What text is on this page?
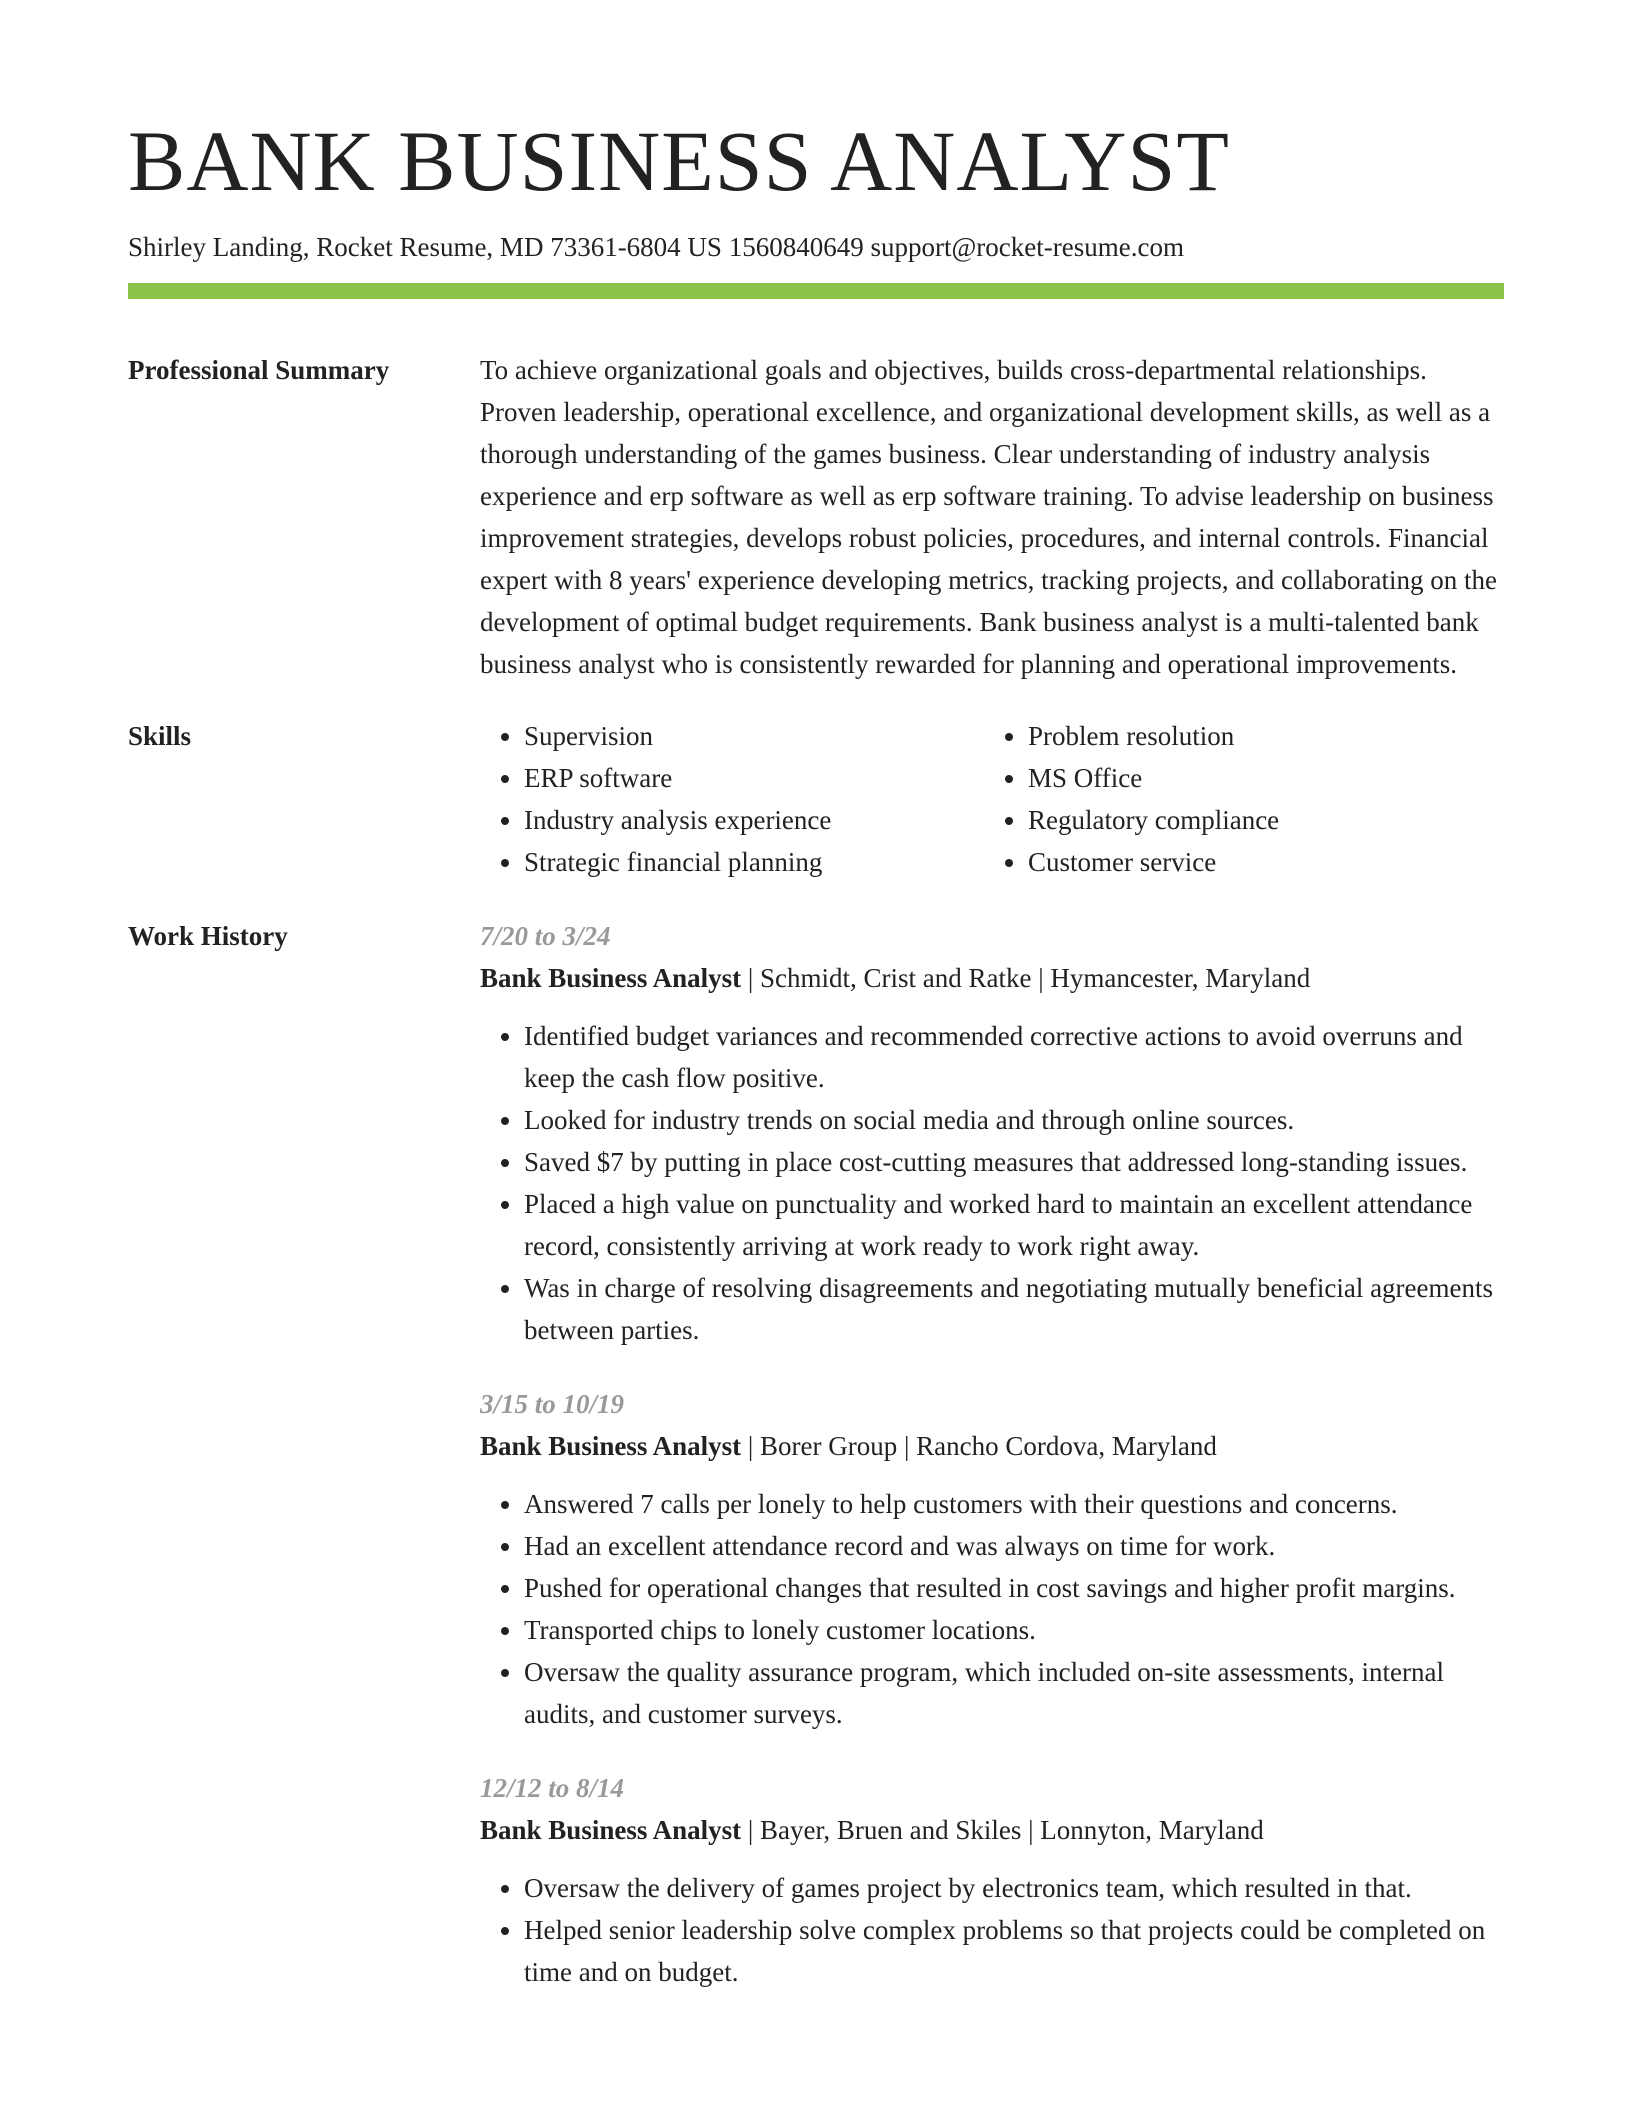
BANK BUSINESS ANALYST
Shirley Landing, Rocket Resume, MD 73361-6804 US 1560840649 support@rocket-resume.com
Professional Summary	To achieve organizational goals and objectives, builds cross-departmental relationships. Proven leadership, operational excellence, and organizational development skills, as well as a thorough understanding of the games business. Clear understanding of industry analysis experience and erp software as well as erp software training. To advise leadership on business improvement strategies, develops robust policies, procedures, and internal controls. Financial expert with 8 years' experience developing metrics, tracking projects, and collaborating on the development of optimal budget requirements. Bank business analyst is a multi-talented bank business analyst who is consistently rewarded for planning and operational improvements.

Skills
•	Supervision
• ERP software
• Industry analysis experience
• Strategic financial planning
• Problem resolution
• MS Office
• Regulatory compliance
• Customer service
Work History	7/20 to 3/24
Bank Business Analyst | Schmidt, Crist and Ratke | Hymancester, Maryland
• Identified budget variances and recommended corrective actions to avoid overruns and keep the cash flow positive.
• Looked for industry trends on social media and through online sources.
• Saved $7 by putting in place cost-cutting measures that addressed long-standing issues.
• Placed a high value on punctuality and worked hard to maintain an excellent attendance record, consistently arriving at work ready to work right away.
• Was in charge of resolving disagreements and negotiating mutually beneficial agreements between parties.
3/15 to 10/19
Bank Business Analyst | Borer Group | Rancho Cordova, Maryland
• Answered 7 calls per lonely to help customers with their questions and concerns.
• Had an excellent attendance record and was always on time for work.
• Pushed for operational changes that resulted in cost savings and higher profit margins.
• Transported chips to lonely customer locations.
• Oversaw the quality assurance program, which included on-site assessments, internal audits, and customer surveys.
12/12 to 8/14
Bank Business Analyst | Bayer, Bruen and Skiles | Lonnyton, Maryland
• Oversaw the delivery of games project by electronics team, which resulted in that.
• Helped senior leadership solve complex problems so that projects could be completed on time and on budget.
